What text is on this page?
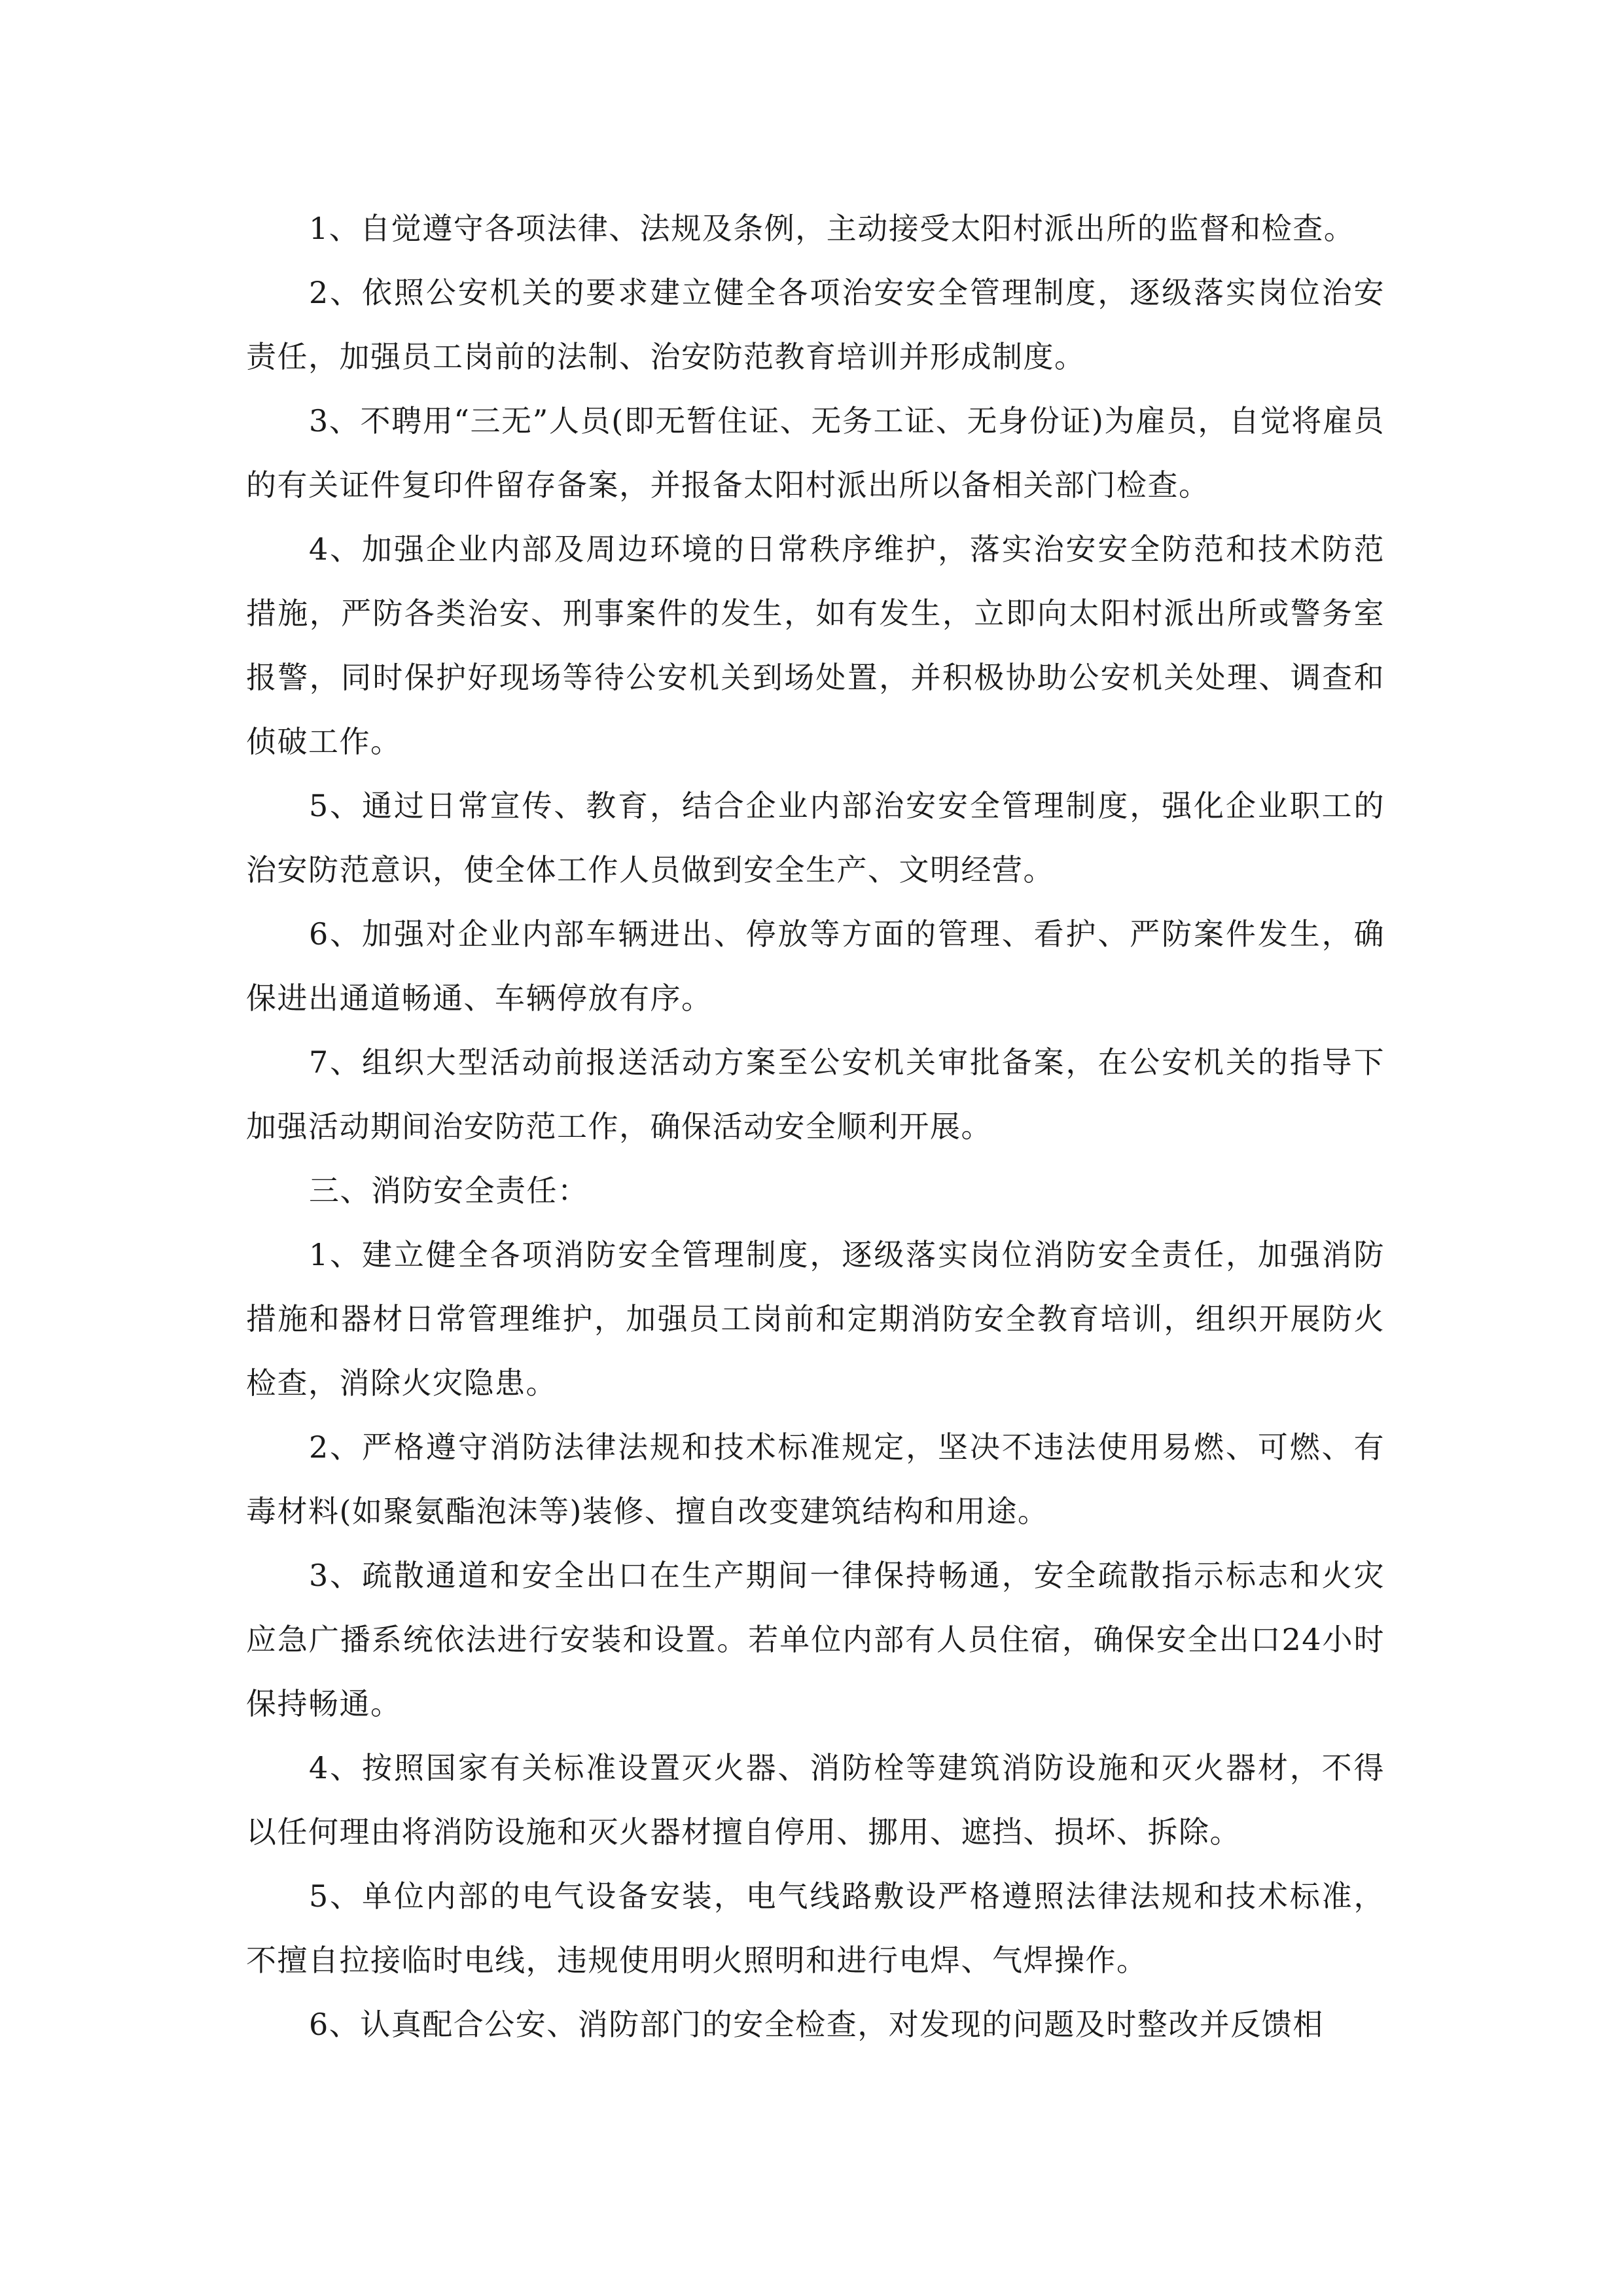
1、自觉遵守各项法律、法规及条例，主动接受太阳村派出所的监督和检查。

2、依照公安机关的要求建立健全各项治安安全管理制度，逐级落实岗位治安责任，加强员工岗前的法制、治安防范教育培训并形成制度。

3、不聘用“三无”人员(即无暂住证、无务工证、无身份证)为雇员，自觉将雇员的有关证件复印件留存备案，并报备太阳村派出所以备相关部门检查。

4、加强企业内部及周边环境的日常秩序维护，落实治安安全防范和技术防范措施，严防各类治安、刑事案件的发生，如有发生，立即向太阳村派出所或警务室报警，同时保护好现场等待公安机关到场处置，并积极协助公安机关处理、调查和侦破工作。

5、通过日常宣传、教育，结合企业内部治安安全管理制度，强化企业职工的治安防范意识，使全体工作人员做到安全生产、文明经营。

6、加强对企业内部车辆进出、停放等方面的管理、看护、严防案件发生，确保进出通道畅通、车辆停放有序。

7、组织大型活动前报送活动方案至公安机关审批备案，在公安机关的指导下加强活动期间治安防范工作，确保活动安全顺利开展。

三、消防安全责任：

1、建立健全各项消防安全管理制度，逐级落实岗位消防安全责任，加强消防措施和器材日常管理维护，加强员工岗前和定期消防安全教育培训，组织开展防火检查，消除火灾隐患。

2、严格遵守消防法律法规和技术标准规定，坚决不违法使用易燃、可燃、有毒材料(如聚氨酯泡沫等)装修、擅自改变建筑结构和用途。

3、疏散通道和安全出口在生产期间一律保持畅通，安全疏散指示标志和火灾应急广播系统依法进行安装和设置。若单位内部有人员住宿，确保安全出口24小时保持畅通。

4、按照国家有关标准设置灭火器、消防栓等建筑消防设施和灭火器材，不得以任何理由将消防设施和灭火器材擅自停用、挪用、遮挡、损坏、拆除。

5、单位内部的电气设备安装，电气线路敷设严格遵照法律法规和技术标准，不擅自拉接临时电线，违规使用明火照明和进行电焊、气焊操作。

6、认真配合公安、消防部门的安全检查，对发现的问题及时整改并反馈相
